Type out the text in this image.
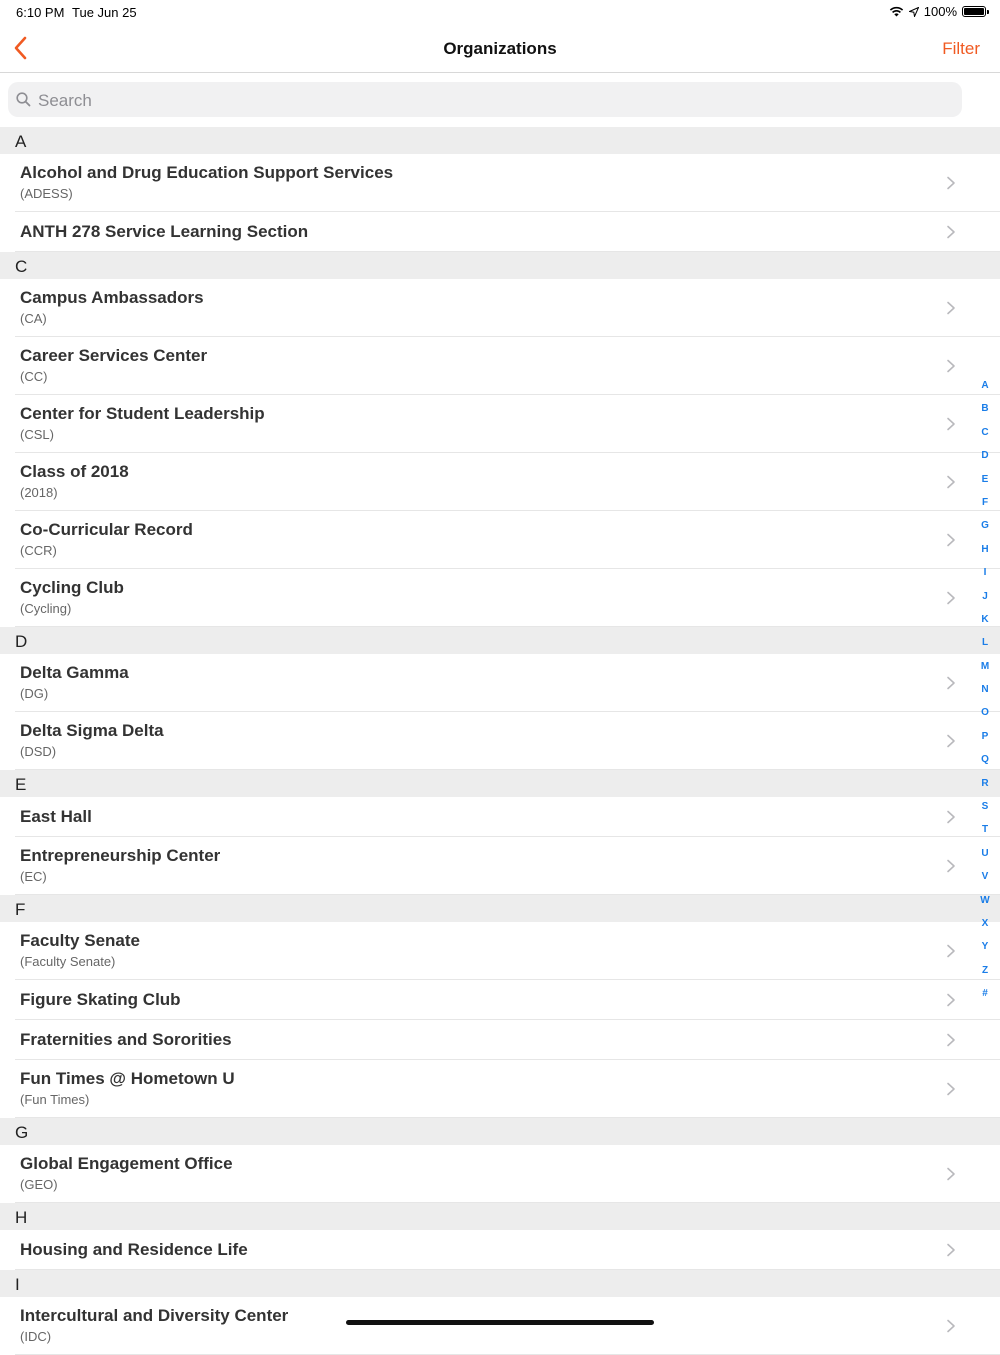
6:10 PM Tue Jun 25	100%
Organizations	Filter
Search
A
Alcohol and Drug Education Support Services
(ADESS)
ANTH 278 Service Learning Section
C
Campus Ambassadors
(CA)
Career Services Center
(CC)
Center for Student Leadership
(CSL)
Class of 2018
(2018)
Co-Curricular Record
(CCR)
Cycling Club
(Cycling)
D
Delta Gamma
(DG)
Delta Sigma Delta
(DSD)
E
East Hall
Entrepreneurship Center
(EC)
F
Faculty Senate
(Faculty Senate)
Figure Skating Club
Fraternities and Sororities
Fun Times @ Hometown U
(Fun Times)
G
Global Engagement Office
(GEO)
H
Housing and Residence Life
I
Intercultural and Diversity Center
(IDC)
A
B
C
D
E
F
G
H
I
J
K
L
M
N
O
P
Q
R
S
T
U
V
W
X
Y
Z
#
